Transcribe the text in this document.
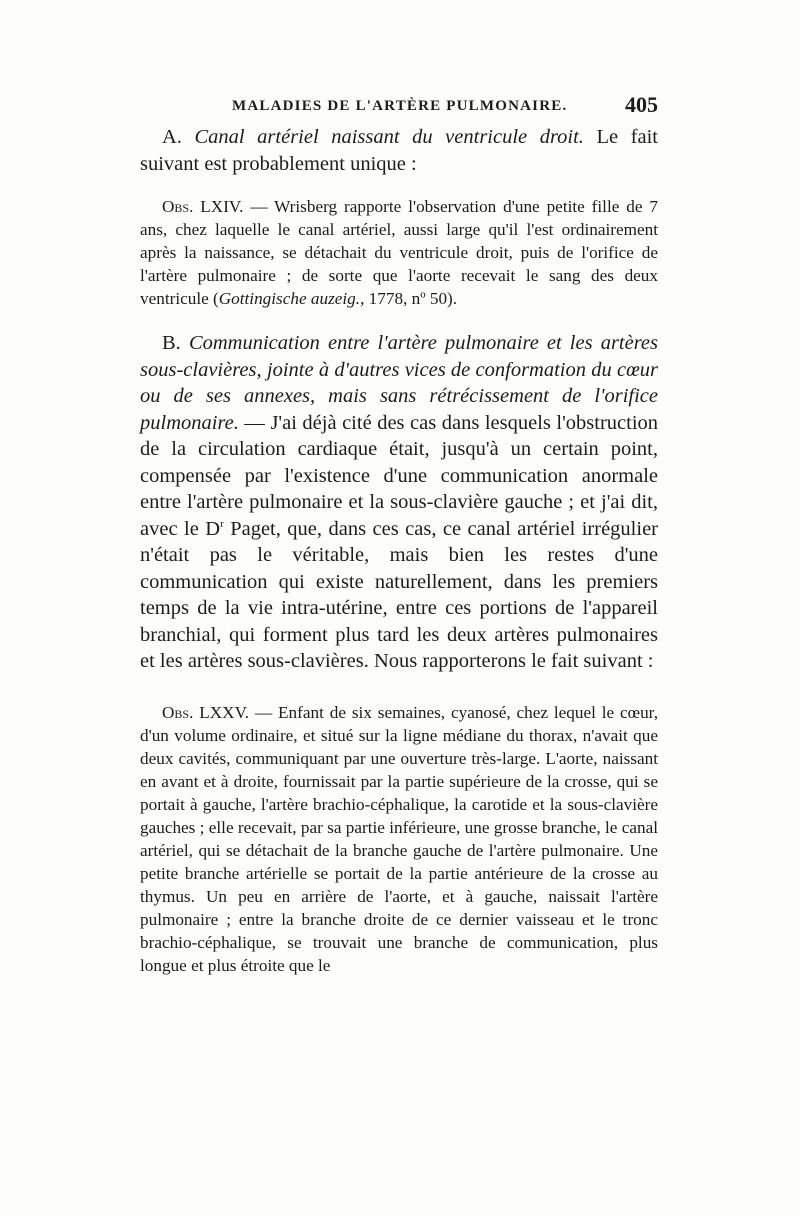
MALADIES DE L'ARTÈRE PULMONAIRE.	405

A. Canal artériel naissant du ventricule droit. Le fait suivant est probablement unique :

Obs. LXIV. — Wrisberg rapporte l'observation d'une petite fille de 7 ans, chez laquelle le canal artériel, aussi large qu'il l'est ordinairement après la naissance, se détachait du ventricule droit, puis de l'orifice de l'artère pulmonaire ; de sorte que l'aorte recevait le sang des deux ventricule (Gottingische auzeig., 1778, nº 50).

B. Communication entre l'artère pulmonaire et les artères sous-clavières, jointe à d'autres vices de conformation du cœur ou de ses annexes, mais sans rétrécissement de l'orifice pulmonaire. — J'ai déjà cité des cas dans lesquels l'obstruction de la circulation cardiaque était, jusqu'à un certain point, compensée par l'existence d'une communication anormale entre l'artère pulmonaire et la sous-clavière gauche ; et j'ai dit, avec le $D^r$ Paget, que, dans ces cas, ce canal artériel irrégulier n'était pas le véritable, mais bien les restes d'une communication qui existe naturellement, dans les premiers temps de la vie intra-utérine, entre ces portions de l'appareil branchial, qui forment plus tard les deux artères pulmonaires et les artères sous-clavières. Nous rapporterons le fait suivant :

Obs. LXXV. — Enfant de six semaines, cyanosé, chez lequel le cœur, d'un volume ordinaire, et situé sur la ligne médiane du thorax, n'avait que deux cavités, communiquant par une ouverture très-large. L'aorte, naissant en avant et à droite, fournissait par la partie supérieure de la crosse, qui se portait à gauche, l'artère brachio-céphalique, la carotide et la sous-clavière gauches ; elle recevait, par sa partie inférieure, une grosse branche, le canal artériel, qui se détachait de la branche gauche de l'artère pulmonaire. Une petite branche artérielle se portait de la partie antérieure de la crosse au thymus. Un peu en arrière de l'aorte, et à gauche, naissait l'artère pulmonaire ; entre la branche droite de ce dernier vaisseau et le tronc brachio-céphalique, se trouvait une branche de communication, plus longue et plus étroite que le
